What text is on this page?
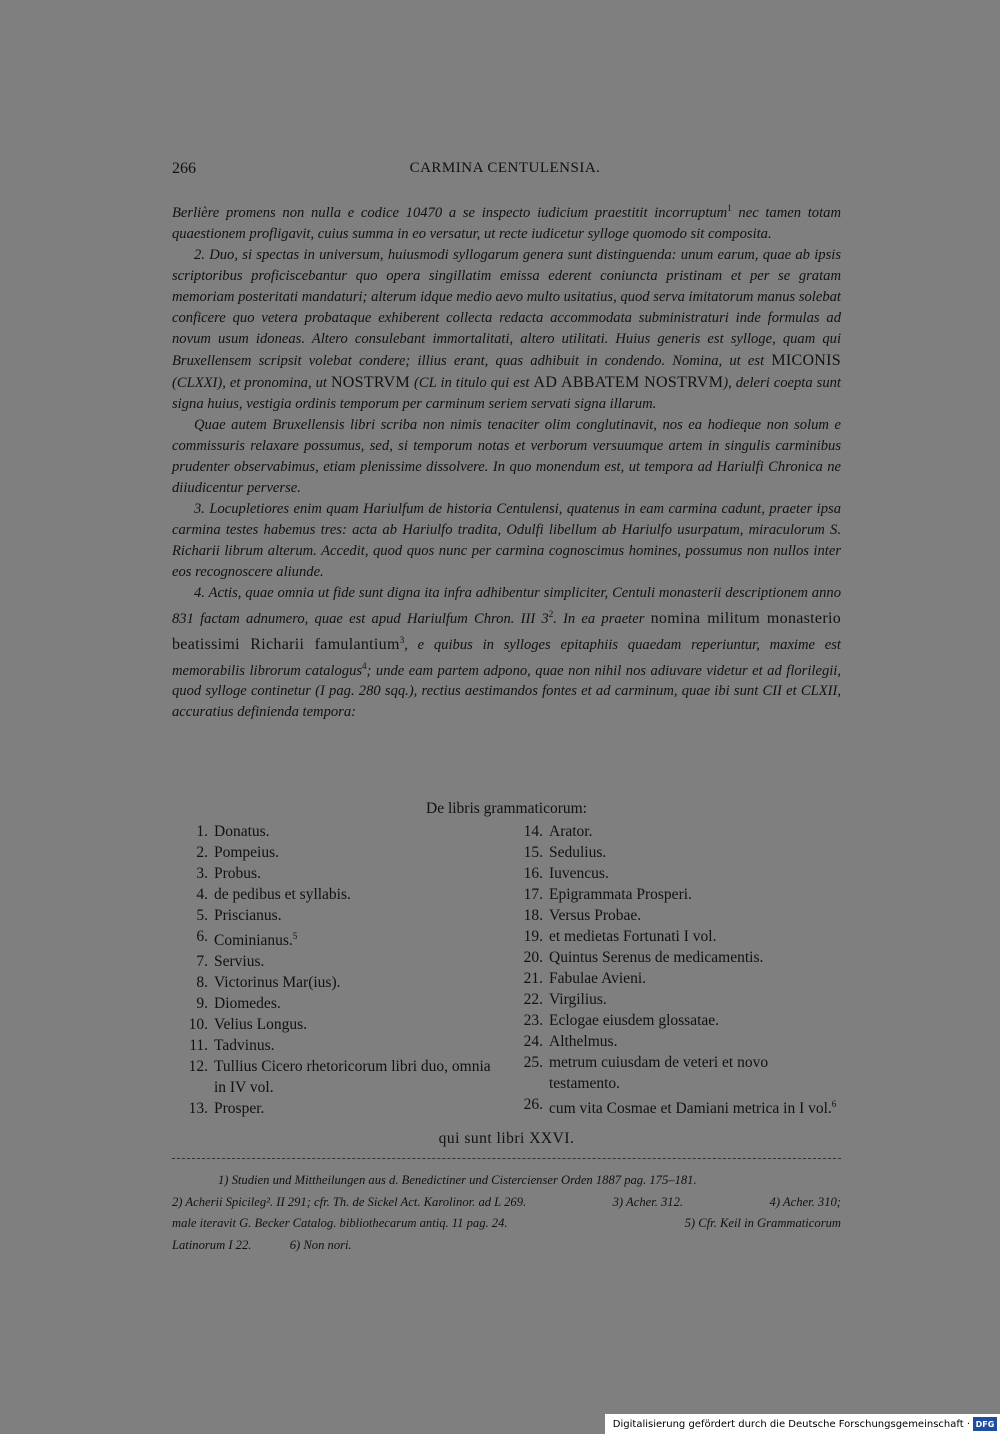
266	CARMINA CENTULENSIA.

Berlière promens non nulla e codice 10470 a se inspecto iudicium praestitit incorruptum$^1$ nec tamen totam quaestionem profligavit, cuius summa in eo versatur, ut recte iudicetur sylloge quomodo sit composita.

2. Duo, si spectas in universum, huiusmodi syllogarum genera sunt distinguenda: unum earum, quae ab ipsis scriptoribus proficiscebantur quo opera singillatim emissa ederent coniuncta pristinam et per se gratam memoriam posteritati mandaturi; alterum idque medio aevo multo usitatius, quod serva imitatorum manus solebat conficere quo vetera probataque exhiberent collecta redacta accommodata subministraturi inde formulas ad novum usum idoneas. Altero consulebant immortalitati, altero utilitati. Huius generis est sylloge, quam qui Bruxellensem scripsit volebat condere; illius erant, quas adhibuit in condendo. Nomina, ut est MICONIS (CLXXI), et pronomina, ut NOSTRVM (CL in titulo qui est AD ABBATEM NOSTRVM), deleri coepta sunt signa huius, vestigia ordinis temporum per carminum seriem servati signa illarum.

Quae autem Bruxellensis libri scriba non nimis tenaciter olim conglutinavit, nos ea hodieque non solum e commissuris relaxare possumus, sed, si temporum notas et verborum versuumque artem in singulis carminibus prudenter observabimus, etiam plenissime dissolvere. In quo monendum est, ut tempora ad Hariulfi Chronica ne diiudicentur perverse.

3. Locupletiores enim quam Hariulfum de historia Centulensi, quatenus in eam carmina cadunt, praeter ipsa carmina testes habemus tres: acta ab Hariulfo tradita, Odulfi libellum ab Hariulfo usurpatum, miraculorum S. Richarii librum alterum. Accedit, quod quos nunc per carmina cognoscimus homines, possumus non nullos inter eos recognoscere aliunde.

4. Actis, quae omnia ut fide sunt digna ita infra adhibentur simpliciter, Centuli monasterii descriptionem anno 831 factam adnumero, quae est apud Hariulfum Chron. III $3^2$. In ea praeter nomina militum monasterio beatissimi Richarii famulantium$^3$, e quibus in sylloges epitaphiis quaedam reperiuntur, maxime est memorabilis librorum catalogus$^4$; unde eam partem adpono, quae non nihil nos adiuvare videtur et ad florilegii, quod sylloge continetur (I pag. 280 sqq.), rectius aestimandos fontes et ad carminum, quae ibi sunt CII et CLXII, accuratius definienda tempora:

De libris grammaticorum:
1. Donatus.
2. Pompeius.
3. Probus.
4. de pedibus et syllabis.
5. Priscianus.
6. Cominianus.$^5$
7. Servius.
8. Victorinus Mar(ius).
9. Diomedes.
10. Velius Longus.
11. Tadvinus.
12. Tullius Cicero rhetoricorum libri duo, omnia in IV vol.
13. Prosper.
14. Arator.
15. Sedulius.
16. Iuvencus.
17. Epigrammata Prosperi.
18. Versus Probae.
19. et medietas Fortunati I vol.
20. Quintus Serenus de medicamentis.
21. Fabulae Avieni.
22. Virgilius.
23. Eclogae eiusdem glossatae.
24. Althelmus.
25. metrum cuiusdam de veteri et novo testamento.
26. cum vita Cosmae et Damiani metrica in I vol.$^6$
qui sunt libri XXVI.

1) Studien und Mittheilungen aus d. Benedictiner und Cistercienser Orden 1887 pag. 175–181.

2) Acherii Spicileg². II 291; cfr. Th. de Sickel Act. Karolinor. ad L 269.	3) Acher. 312.	4) Acher. 310;
male iteravit G. Becker Catalog. bibliothecarum antiq. 11 pag. 24.	5) Cfr. Keil in Grammaticorum
Latinorum I 22.	6) Non nori.
Digitalisierung gefördert durch die Deutsche Forschungsgemeinschaft · DFG
